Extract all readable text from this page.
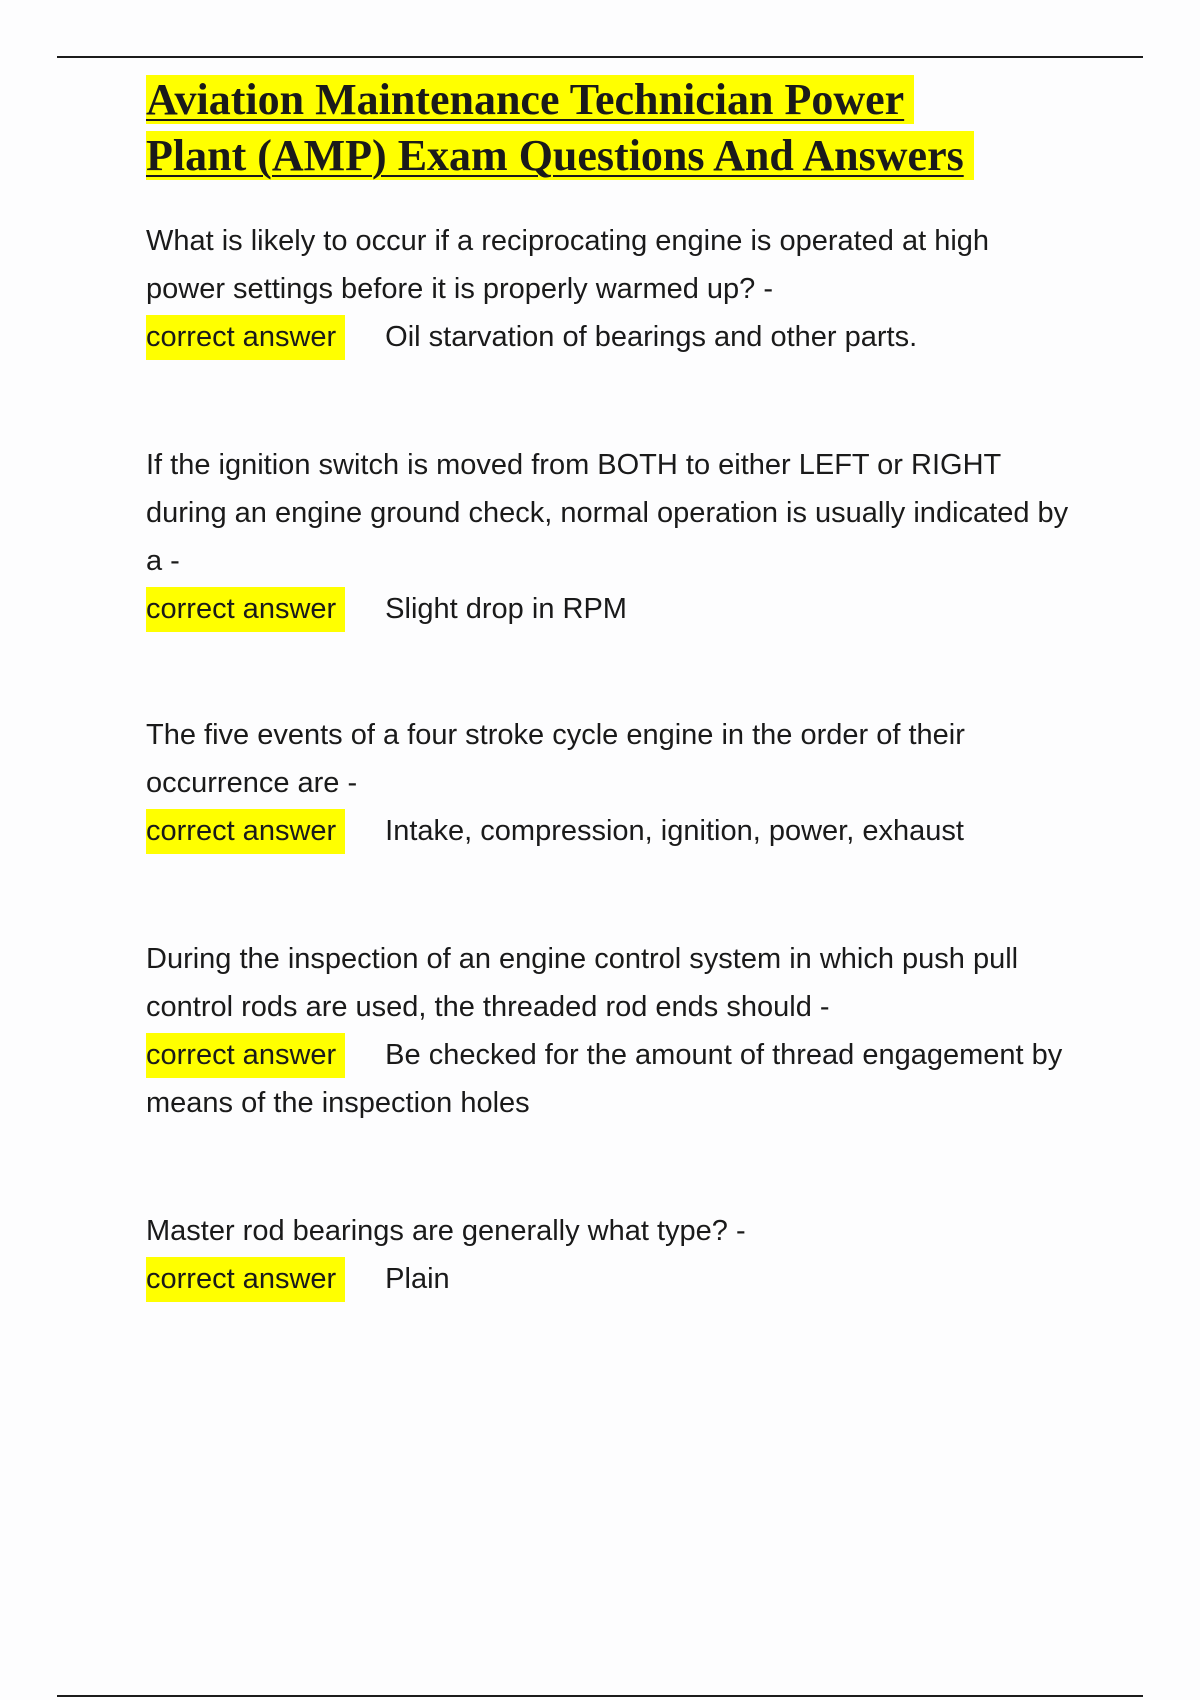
Aviation Maintenance Technician Power
Plant (AMP) Exam Questions And Answers

What is likely to occur if a reciprocating engine is operated at high power settings before it is properly warmed up? -

correct answer Oil starvation of bearings and other parts.

If the ignition switch is moved from BOTH to either LEFT or RIGHT during an engine ground check, normal operation is usually indicated by a -

correct answer Slight drop in RPM

The five events of a four stroke cycle engine in the order of their occurrence are -

correct answer Intake, compression, ignition, power, exhaust

During the inspection of an engine control system in which push pull control rods are used, the threaded rod ends should -

correct answer Be checked for the amount of thread engagement by means of the inspection holes

Master rod bearings are generally what type? -

correct answer Plain
